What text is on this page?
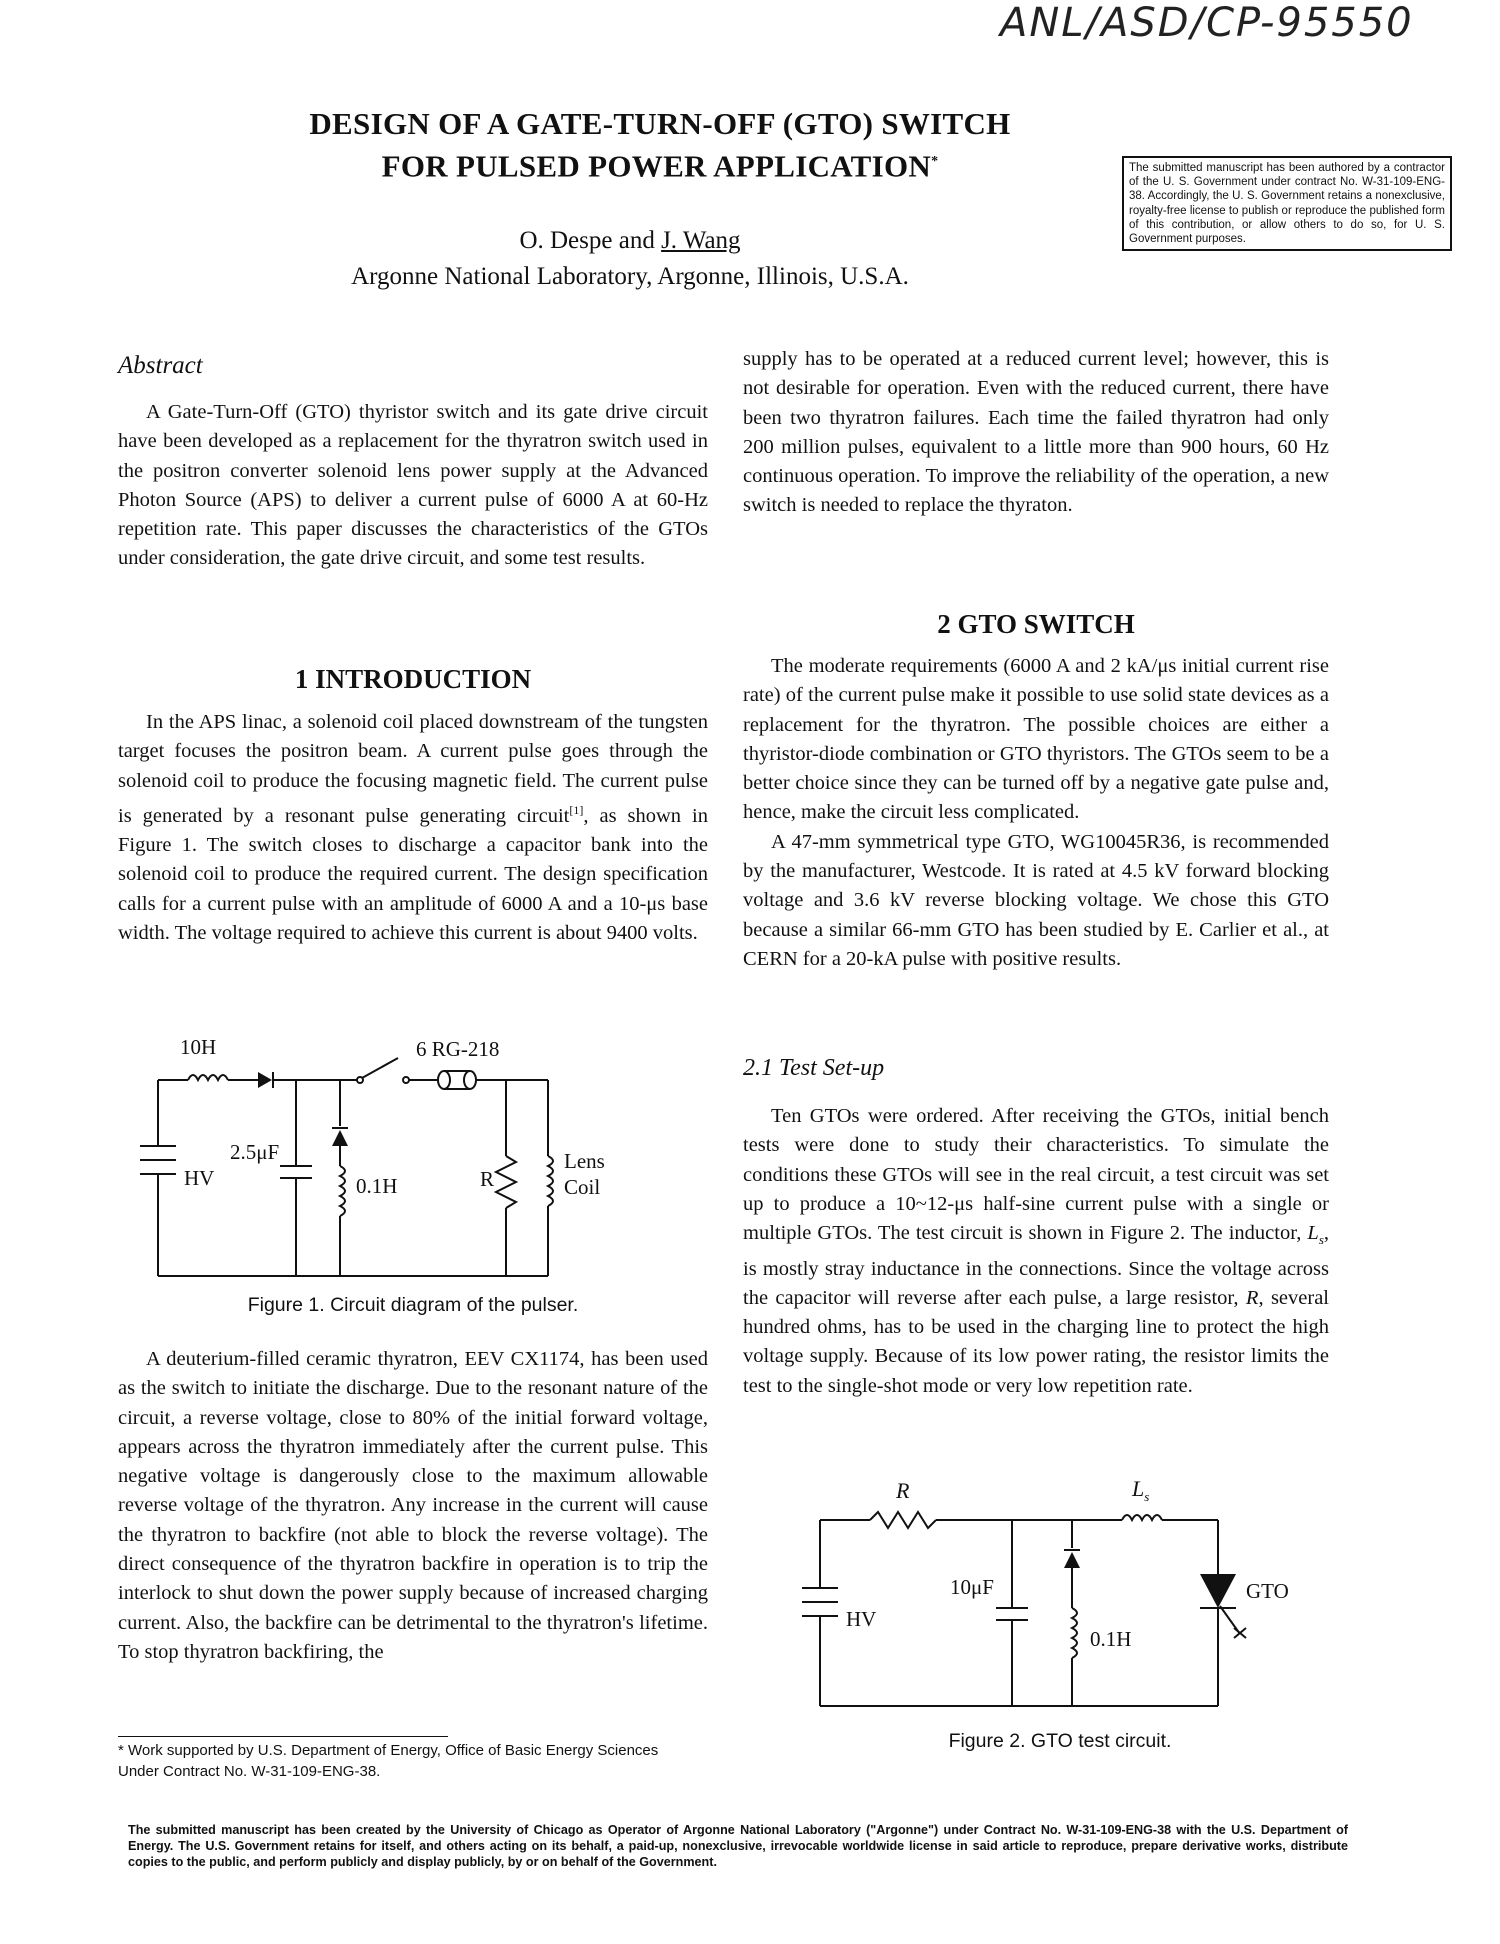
ANL/ASD/CP-95550
DESIGN OF A GATE-TURN-OFF (GTO) SWITCH
FOR PULSED POWER APPLICATION*
O. Despe and J. Wang
Argonne National Laboratory, Argonne, Illinois, U.S.A.
The submitted manuscript has been authored by a contractor of the U. S. Government under contract No. W-31-109-ENG-38. Accordingly, the U. S. Government retains a nonexclusive, royalty-free license to publish or reproduce the published form of this contribution, or allow others to do so, for U. S. Government purposes.
Abstract

A Gate-Turn-Off (GTO) thyristor switch and its gate drive circuit have been developed as a replacement for the thyratron switch used in the positron converter solenoid lens power supply at the Advanced Photon Source (APS) to deliver a current pulse of 6000 A at 60-Hz repetition rate. This paper discusses the characteristics of the GTOs under consideration, the gate drive circuit, and some test results.

1 INTRODUCTION

In the APS linac, a solenoid coil placed downstream of the tungsten target focuses the positron beam. A current pulse goes through the solenoid coil to produce the focusing magnetic field. The current pulse is generated by a resonant pulse generating circuit[1], as shown in Figure 1. The switch closes to discharge a capacitor bank into the solenoid coil to produce the required current. The design specification calls for a current pulse with an amplitude of 6000 A and a 10-μs base width. The voltage required to achieve this current is about 9400 volts.

10H	6 RG-218
2.5μF
HV	0.1H	R
Lens
Coil
Figure 1. Circuit diagram of the pulser.

A deuterium-filled ceramic thyratron, EEV CX1174, has been used as the switch to initiate the discharge. Due to the resonant nature of the circuit, a reverse voltage, close to 80% of the initial forward voltage, appears across the thyratron immediately after the current pulse. This negative voltage is dangerously close to the maximum allowable reverse voltage of the thyratron. Any increase in the current will cause the thyratron to backfire (not able to block the reverse voltage). The direct consequence of the thyratron backfire in operation is to trip the interlock to shut down the power supply because of increased charging current. Also, the backfire can be detrimental to the thyratron's lifetime. To stop thyratron backfiring, the

* Work supported by U.S. Department of Energy, Office of Basic Energy Sciences Under Contract No. W-31-109-ENG-38.

supply has to be operated at a reduced current level; however, this is not desirable for operation. Even with the reduced current, there have been two thyratron failures. Each time the failed thyratron had only 200 million pulses, equivalent to a little more than 900 hours, 60 Hz continuous operation. To improve the reliability of the operation, a new switch is needed to replace the thyraton.

2 GTO SWITCH

The moderate requirements (6000 A and 2 kA/μs initial current rise rate) of the current pulse make it possible to use solid state devices as a replacement for the thyratron. The possible choices are either a thyristor-diode combination or GTO thyristors. The GTOs seem to be a better choice since they can be turned off by a negative gate pulse and, hence, make the circuit less complicated.

A 47-mm symmetrical type GTO, WG10045R36, is recommended by the manufacturer, Westcode. It is rated at 4.5 kV forward blocking voltage and 3.6 kV reverse blocking voltage. We chose this GTO because a similar 66-mm GTO has been studied by E. Carlier et al., at CERN for a 20-kA pulse with positive results.

2.1 Test Set-up

Ten GTOs were ordered. After receiving the GTOs, initial bench tests were done to study their characteristics. To simulate the conditions these GTOs will see in the real circuit, a test circuit was set up to produce a 10~12-μs half-sine current pulse with a single or multiple GTOs. The test circuit is shown in Figure 2. The inductor, $L_s$, is mostly stray inductance in the connections. Since the voltage across the capacitor will reverse after each pulse, a large resistor, R, several hundred ohms, has to be used in the charging line to protect the high voltage supply. Because of its low power rating, the resistor limits the test to the single-shot mode or very low repetition rate.

R	$L_s$
10μF
HV
0.1H
GTO
Figure 2. GTO test circuit.
The submitted manuscript has been created by the University of Chicago as Operator of Argonne National Laboratory ("Argonne") under Contract No. W-31-109-ENG-38 with the U.S. Department of Energy. The U.S. Government retains for itself, and others acting on its behalf, a paid-up, nonexclusive, irrevocable worldwide license in said article to reproduce, prepare derivative works, distribute copies to the public, and perform publicly and display publicly, by or on behalf of the Government.
